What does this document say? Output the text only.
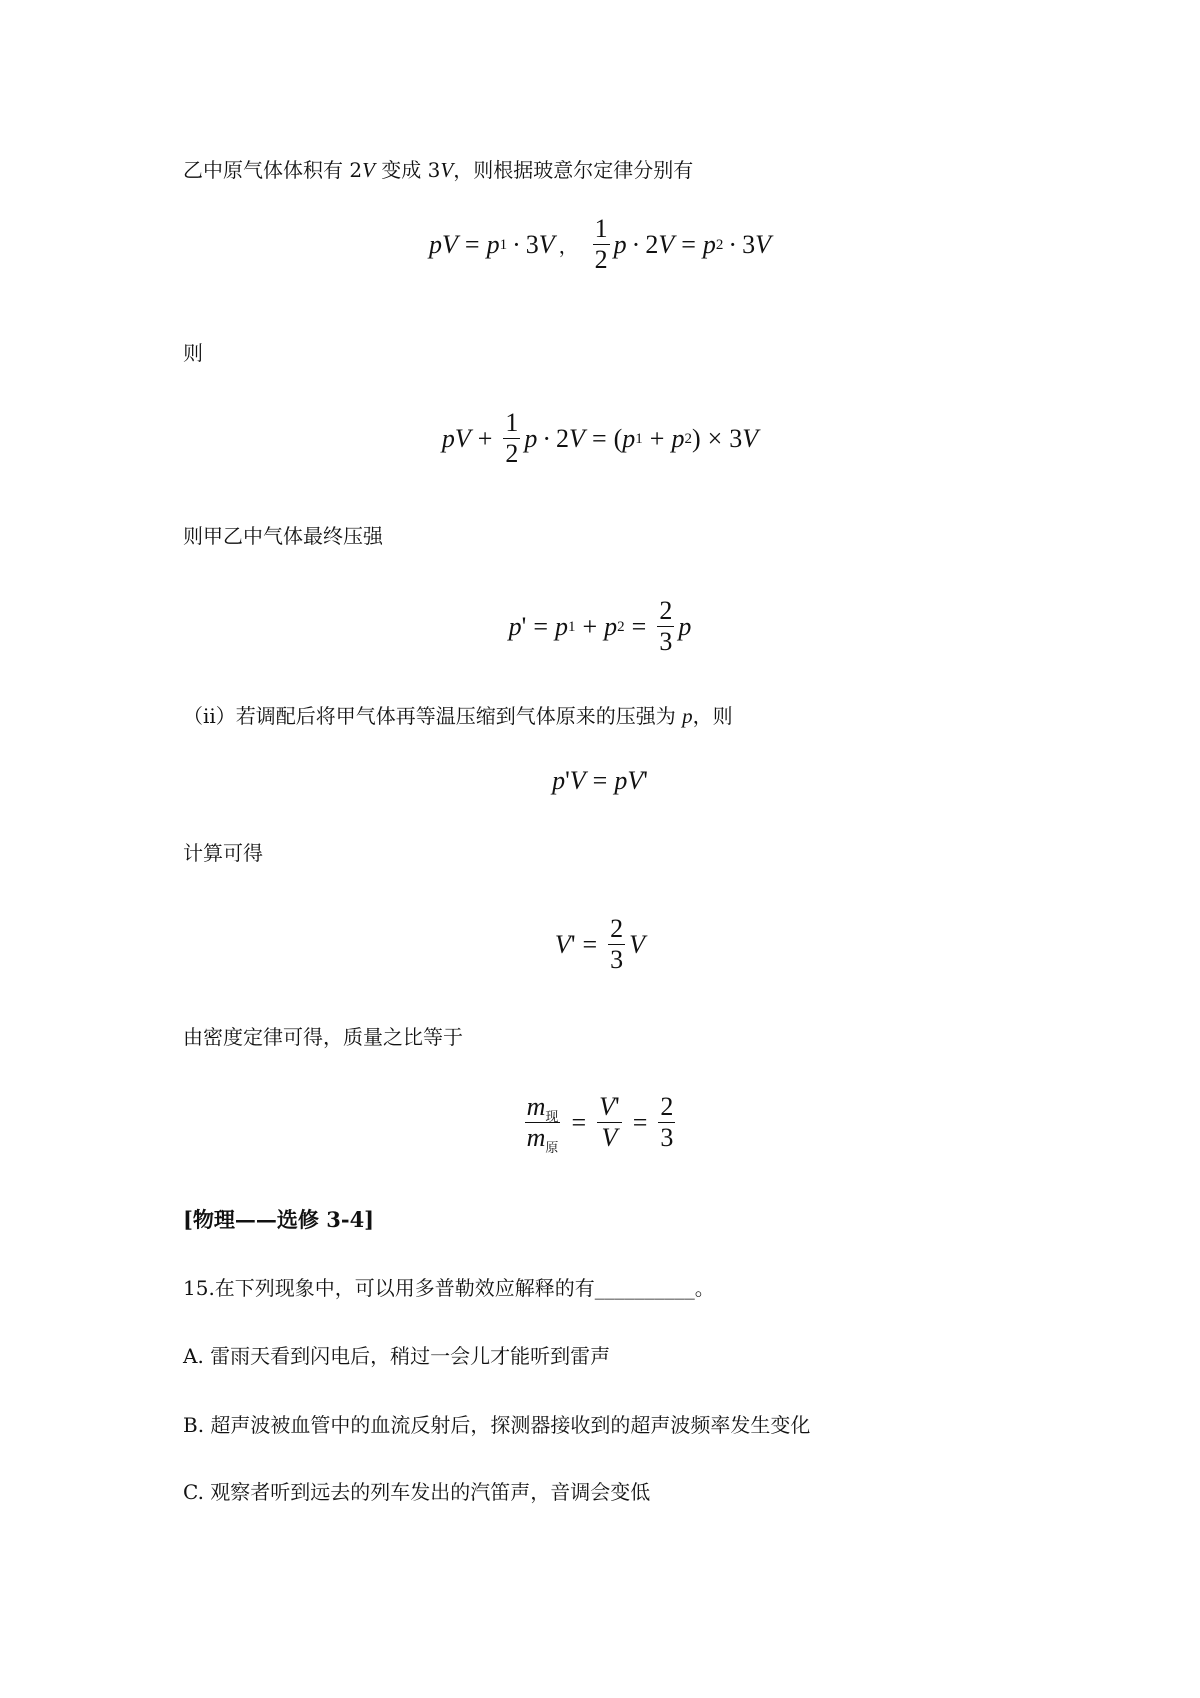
乙中原气体体积有 2V 变成 3V，则根据玻意尔定律分别有
p V = p 1 · 3 V ， $\frac{1}{2}$ p · 2 V = p 2 · 3 V
则
p $V + \frac{1}{2}$ p · 2 V = ( p 1 + p 2 ) × 3 V
则甲乙中气体最终压强
p ' = p 1 + p $2 = \frac{2}{3}$ p
（ii）若调配后将甲气体再等温压缩到气体原来的压强为 p，则
p ' V = p V '
计算可得
V ' = $\frac{2}{3}$ V
由密度定律可得，质量之比等于
$\frac{m_现}{m_原} = \frac{V'}{V} = \frac{2}{3}$
[物理——选修 3-4]
15.在下列现象中，可以用多普勒效应解释的有__________。
A. 雷雨天看到闪电后，稍过一会儿才能听到雷声
B. 超声波被血管中的血流反射后，探测器接收到的超声波频率发生变化
C. 观察者听到远去的列车发出的汽笛声，音调会变低
